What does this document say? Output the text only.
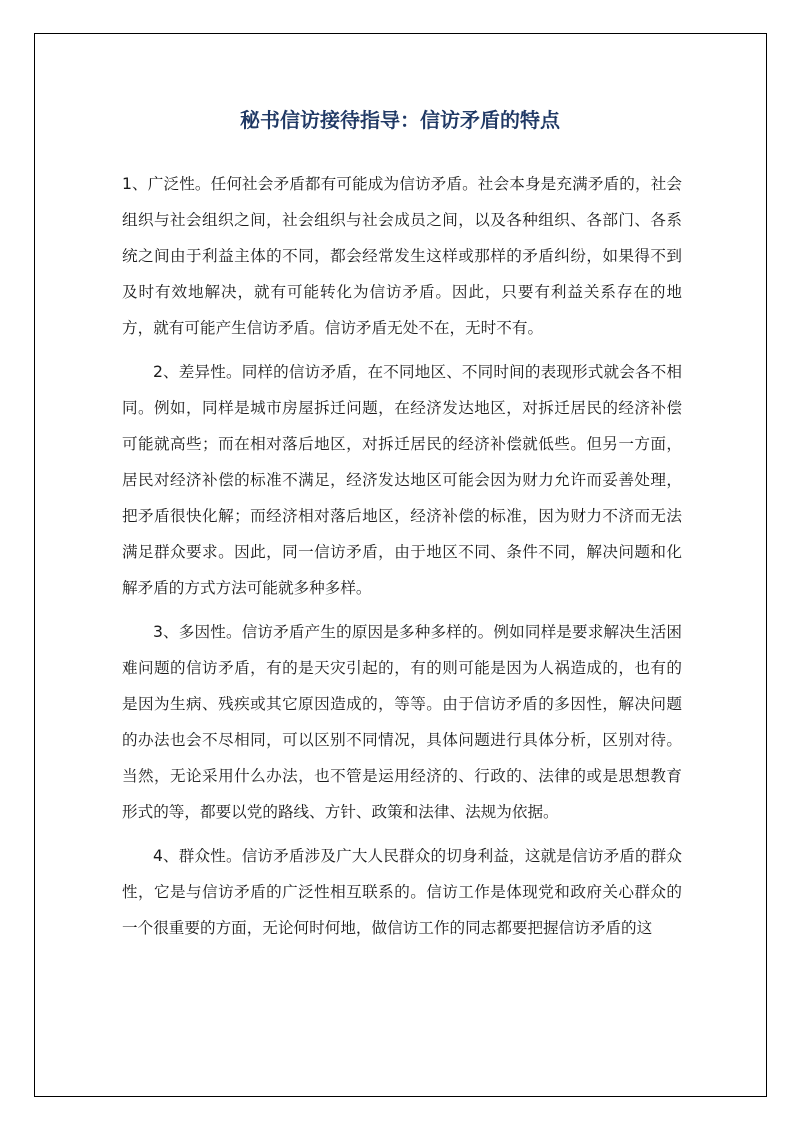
秘书信访接待指导：信访矛盾的特点

1、广泛性。任何社会矛盾都有可能成为信访矛盾。社会本身是充满矛盾的，社会组织与社会组织之间，社会组织与社会成员之间，以及各种组织、各部门、各系统之间由于利益主体的不同，都会经常发生这样或那样的矛盾纠纷，如果得不到及时有效地解决，就有可能转化为信访矛盾。因此，只要有利益关系存在的地方，就有可能产生信访矛盾。信访矛盾无处不在，无时不有。

2、差异性。同样的信访矛盾，在不同地区、不同时间的表现形式就会各不相同。例如，同样是城市房屋拆迁问题，在经济发达地区，对拆迁居民的经济补偿可能就高些；而在相对落后地区，对拆迁居民的经济补偿就低些。但另一方面，居民对经济补偿的标准不满足，经济发达地区可能会因为财力允许而妥善处理，把矛盾很快化解；而经济相对落后地区，经济补偿的标准，因为财力不济而无法满足群众要求。因此，同一信访矛盾，由于地区不同、条件不同，解决问题和化解矛盾的方式方法可能就多种多样。

3、多因性。信访矛盾产生的原因是多种多样的。例如同样是要求解决生活困难问题的信访矛盾，有的是天灾引起的，有的则可能是因为人祸造成的，也有的是因为生病、残疾或其它原因造成的，等等。由于信访矛盾的多因性，解决问题的办法也会不尽相同，可以区别不同情况，具体问题进行具体分析，区别对待。当然，无论采用什么办法，也不管是运用经济的、行政的、法律的或是思想教育形式的等，都要以党的路线、方针、政策和法律、法规为依据。

4、群众性。信访矛盾涉及广大人民群众的切身利益，这就是信访矛盾的群众性，它是与信访矛盾的广泛性相互联系的。信访工作是体现党和政府关心群众的一个很重要的方面，无论何时何地，做信访工作的同志都要把握信访矛盾的这
